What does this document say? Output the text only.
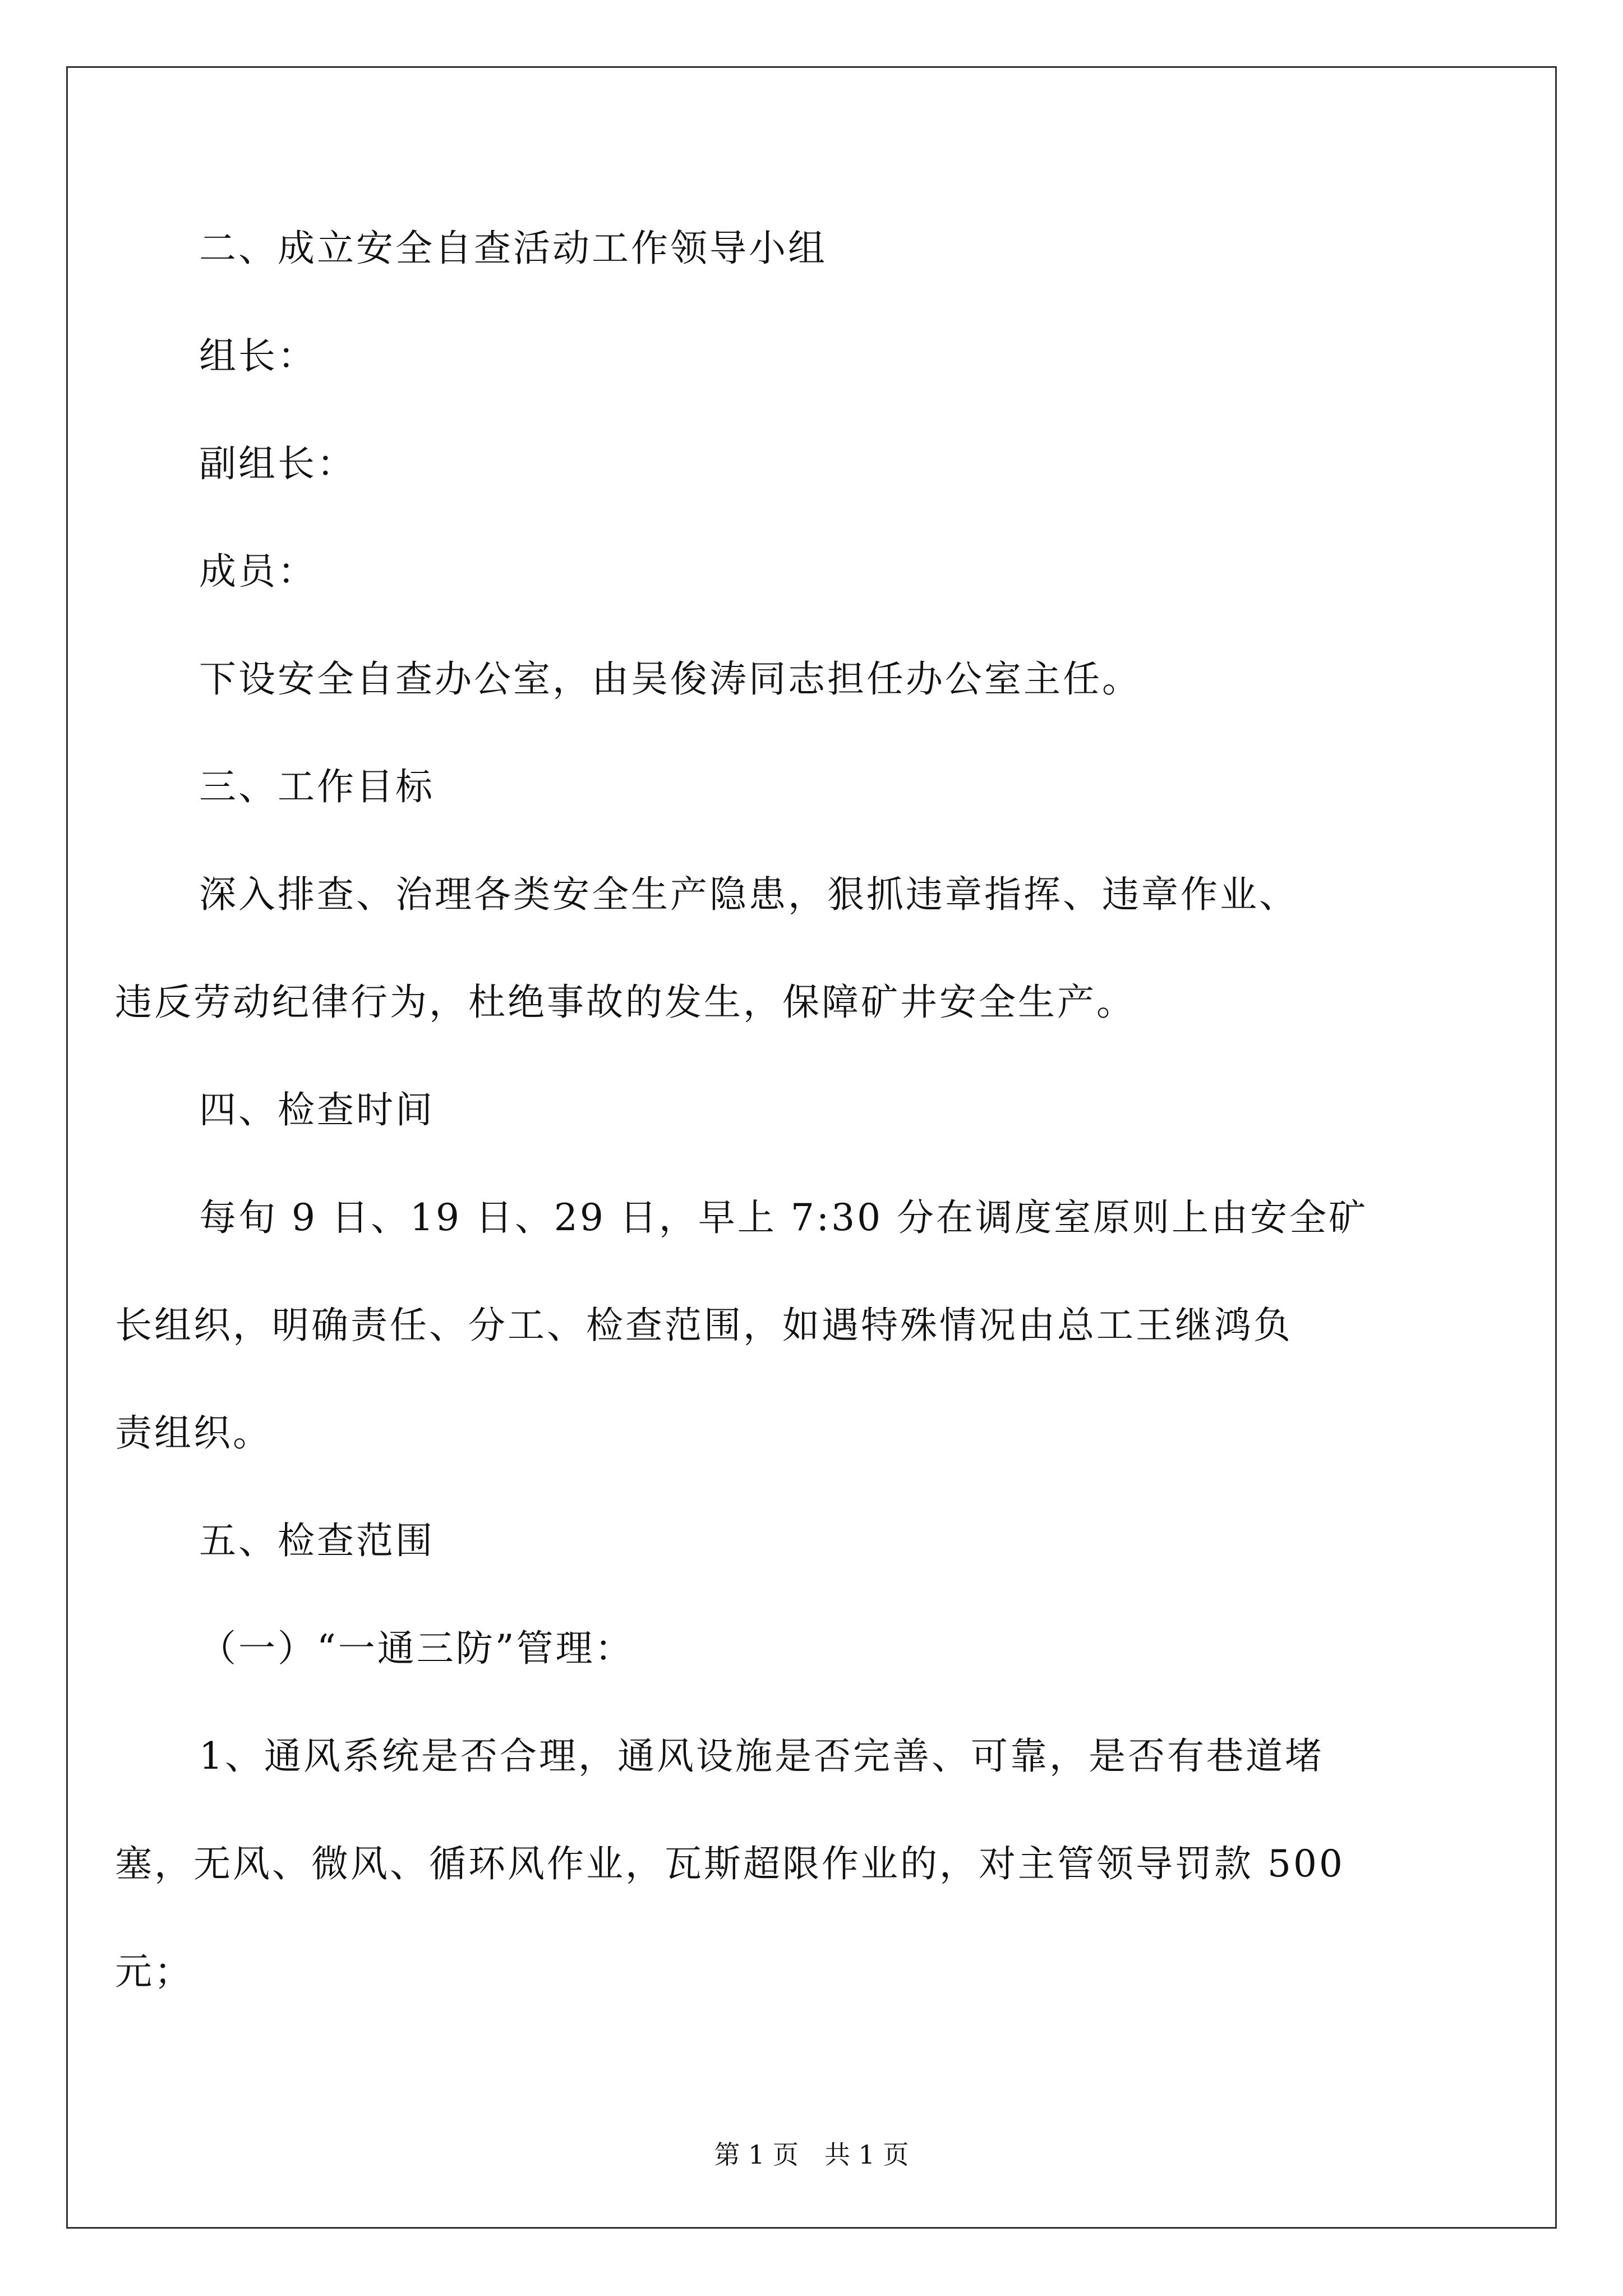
二、成立安全自查活动工作领导小组
组长：
副组长：
成员：
下设安全自查办公室，由吴俊涛同志担任办公室主任。
三、工作目标
深入排查、治理各类安全生产隐患，狠抓违章指挥、违章作业、
违反劳动纪律行为，杜绝事故的发生，保障矿井安全生产。
四、检查时间
每旬 9 日、19 日、29 日，早上 7:30 分在调度室原则上由安全矿
长组织，明确责任、分工、检查范围，如遇特殊情况由总工王继鸿负
责组织。
五、检查范围
（一）“一通三防”管理：
1、通风系统是否合理，通风设施是否完善、可靠，是否有巷道堵
塞，无风、微风、循环风作业，瓦斯超限作业的，对主管领导罚款 500
元；
第 1 页　共 1 页
